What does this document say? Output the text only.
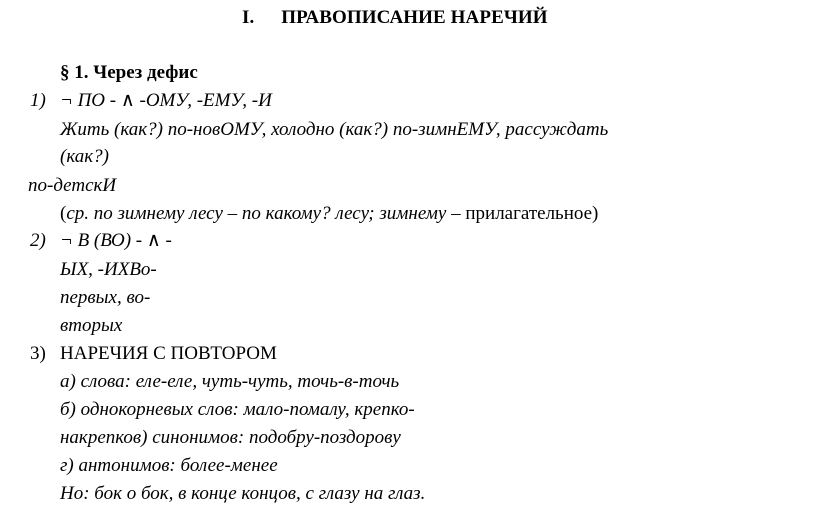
I. ПРАВОПИСАНИЕ НАРЕЧИЙ
§ 1. Через дефис
1) ¬ ПО - ∧ -ОМУ, -ЕМУ, -И
Жить (как?) по-новОМУ, холодно (как?) по-зимнЕМУ, рассуждать
(как?)
по-детскИ
(ср. по зимнему лесу – по какому? лесу; зимнему – прилагательное)
2) ¬ В (ВО) - ∧ -
ЫХ, -ИХВо-
первых, во-
вторых
3) НАРЕЧИЯ С ПОВТОРОМ
а) слова: еле-еле, чуть-чуть, точь-в-точь
б) однокорневых слов: мало-помалу, крепко-
накрепков) синонимов: подобру-поздорову
г) антонимов: более-менее
Но: бок о бок, в конце концов, с глазу на глаз.
